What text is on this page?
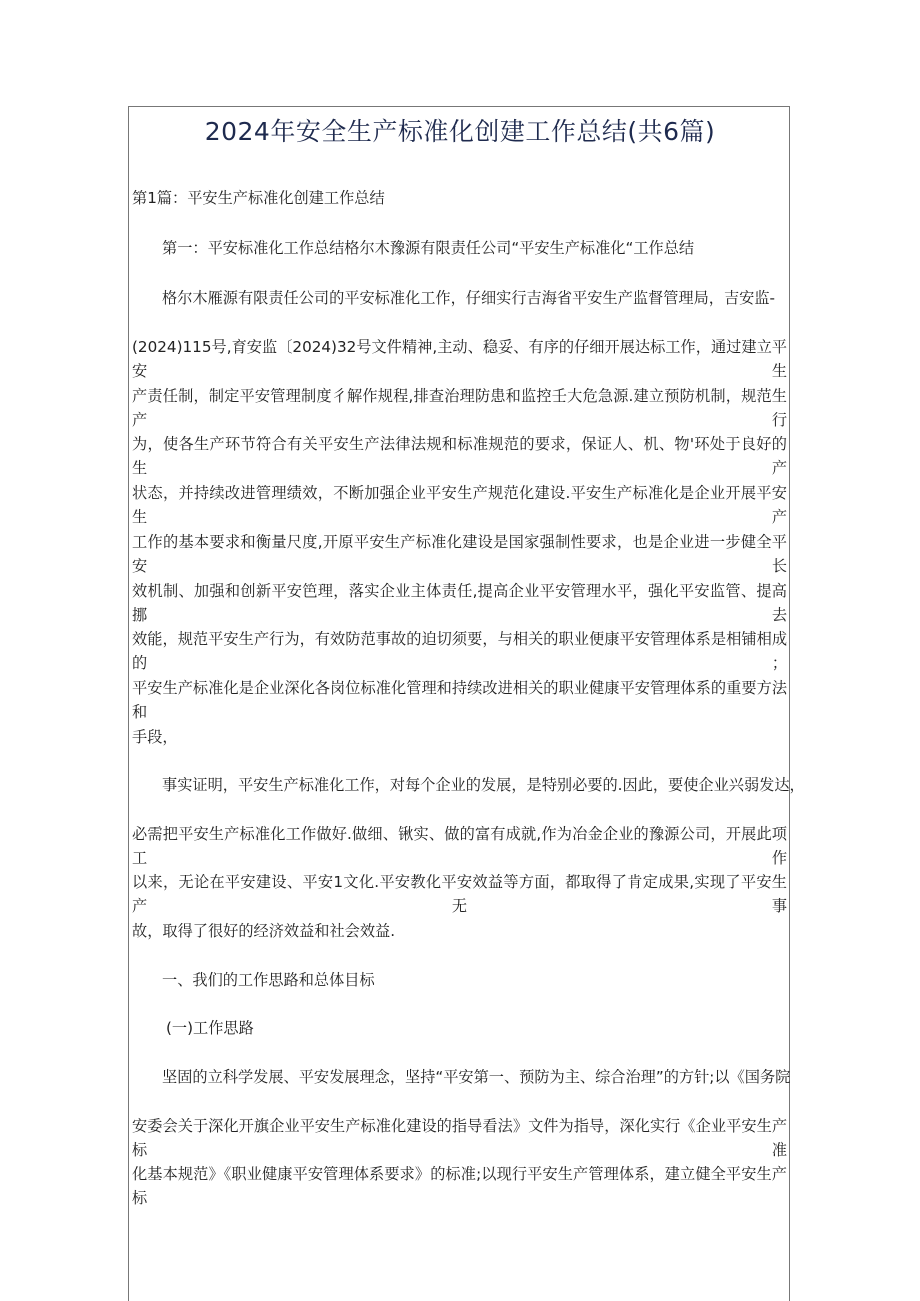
2024年安全生产标准化创建工作总结(共6篇)
第1篇：平安生产标准化创建工作总结
第一：平安标准化工作总结格尔木豫源有限责任公司“平安生产标准化“工作总结
格尔木雁源有限责任公司的平安标准化工作，仔细实行吉海省平安生产监督管理局，吉安监-
(2024)115号,育安监〔2024)32号文件精神,主动、稳妥、有序的仔细开展达标工作，通过建立平安生
产责任制，制定平安管理制度彳解作规程,排查治理防患和监控壬大危急源.建立预防机制，规范生产行
为，使各生产环节符合有关平安生产法律法规和标准规范的要求，保证人、机、物'环处于良好的生产
状态，并持续改进管理绩效，不断加强企业平安生产规范化建设.平安生产标准化是企业开展平安生产
工作的基本要求和衡量尺度,开原平安生产标准化建设是国家强制性要求，也是企业进一步健全平安长
效机制、加强和创新平安笆理，落实企业主体责任,提高企业平安管理水平，强化平安监管、提高挪去
效能，规范平安生产行为，有效防范事故的迫切须要，与相关的职业便康平安管理体系是相铺相成的；
平安生产标准化是企业深化各岗位标准化管理和持续改进相关的职业健康平安管理体系的重要方法和
手段，
事实证明，平安生产标准化工作，对每个企业的发展，是特别必要的.因此，要使企业兴弱发达，
必需把平安生产标准化工作做好.做细、锹实、做的富有成就,作为冶金企业的豫源公司，开展此项工作
以来，无论在平安建设、平安1文化.平安教化平安效益等方面，都取得了肯定成果,实现了平安生产无事
故，取得了很好的经济效益和社会效益.
一、我们的工作思路和总体目标
(一)工作思路
坚固的立科学发展、平安发展理念，坚持“平安第一、预防为主、综合治理”的方针;以《国务院
安委会关于深化开旗企业平安生产标准化建设的指导看法》文件为指导，深化实行《企业平安生产标准
化基本规范》《职业健康平安管理体系要求》的标准;以现行平安生产管理体系，建立健全平安生产标
